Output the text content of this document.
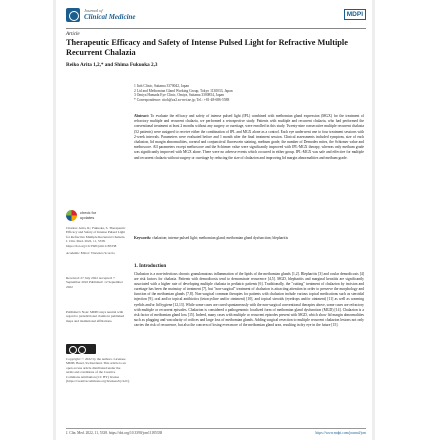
Journal of
Clinical Medicine	MDPI
Article
Therapeutic Efficacy and Safety of Intense Pulsed Light for Refractive Multiple Recurrent Chalazia
Reiko Arita 1,2,* and Shima Fukuoka 2,3
1 Itoh Clinic, Saitama 3370042, Japan
2 Lid and Meibomian Gland Working Group, Tokyo 1130033, Japan
3 Omiya Hamada Eye Clinic, Omiya, Saitama 3300854, Japan
* Correspondence: ritoh@za2.so-net.ne.jp; Tel.: +81-48-686-5588
Abstract: To evaluate the efficacy and safety of intense pulsed light (IPL) combined with meibomian gland expression (MGX) for the treatment of refractory multiple and recurrent chalazia, we performed a retrospective study. Patients with multiple and recurrent chalazia, who had performed the conventional treatment at least 2 months without any surgery or curettage, were enrolled in this study. Twenty-nine consecutive multiple recurrent chalazia (52 patients) were assigned to receive either the combination of IPL and MGX alone as a control. Each eye underwent one to four treatment sessions with 2-week intervals. Parameters were evaluated before and 1 month after the final treatment session. Clinical assessments included symptom, size of each chalazion, lid margin abnormalities, corneal and conjunctival fluorescein staining, meibum grade, the number of Demodex mites, the Schirmer value and meiboscore. All parameters except meiboscore and the Schirmer value were significantly improved with IPL-MGX therapy, whereas only meibum grade was significantly improved with MGX alone. There were no adverse events which occurred in either group. IPL-MGX was safe and effective for multiple and recurrent chalazia without surgery or curettage by reducing the size of chalazion and improving lid margin abnormalities and meibum grade.
Keywords: chalazion; intense pulsed light; meibomian gland; meibomian gland dysfunction; blepharitis
1. Introduction
Chalazion is a non-infectious chronic granulomatous inflammation of the lipids of the meibomian glands [1,2]. Blepharitis [3] and ocular demodicosis [4] are risk factors for chalazia. Patients with demodicosis tend to demonstrate recurrence [4,5]. MGD, blepharitis and marginal keratitis are significantly associated with a higher rate of developing multiple chalazia in pediatric patients [6]. Traditionally, the "cutting" treatment of chalazion by incision and curettage has been the mainstay of treatment [7], but "non-surgical" treatment of chalazion is attracting attention in order to preserve the morphology and function of the meibomian glands [7,8]. Non-surgical common therapies for patients with chalazion include various topical medications such as steroidal injection [9], oral and/or topical antibiotics (tetracycline and/or ointment) [10], and topical steroids (eyedrops and/or ointment) [11] as well as warming eyelids and/or lid hygiene [12,13]. While some cases are cured spontaneously with the non-surgical conventional therapies above, some cases are refractory with multiple or recurrent episodes. Chalazion is considered a pathogenomic localized form of meibomian gland dysfunction (MGD) [14]. Chalazion is a risk factor of meibomian gland loss [15]. Indeed, many cases with multiple or recurrent episodes present with MGD, which show lid margin abnormalities such as plugging and vascularity of orifices and large loss of meibomian glands. Adding surgical resection to multiple recurrent chalazion lesions not only carries the risk of recurrence, but also the concern of losing even more of the meibomian gland area, resulting in dry eye in the future [15].
check for
updates
Citation: Arita, R.; Fukuoka, S. Therapeutic Efficacy and Safety of Intense Pulsed Light for Refractive Multiple Recurrent Chalazia. J. Clin. Med. 2022, 11, 5338. https://doi.org/10.3390/jcm11185338
Academic Editor: Vincenzo Scorcia
Received: 27 July 2022 Accepted: 7 September 2022 Published: 12 September 2022
Publisher's Note: MDPI stays neutral with regard to jurisdictional claims in published maps and institutional affiliations.
Copyright: © 2022 by the authors. Licensee MDPI, Basel, Switzerland. This article is an open access article distributed under the terms and conditions of the Creative Commons Attribution (CC BY) license (https://creativecommons.org/licenses/by/4.0/).
J. Clin. Med. 2022, 11, 5338. https://doi.org/10.3390/jcm11185338	https://www.mdpi.com/journal/jcm
